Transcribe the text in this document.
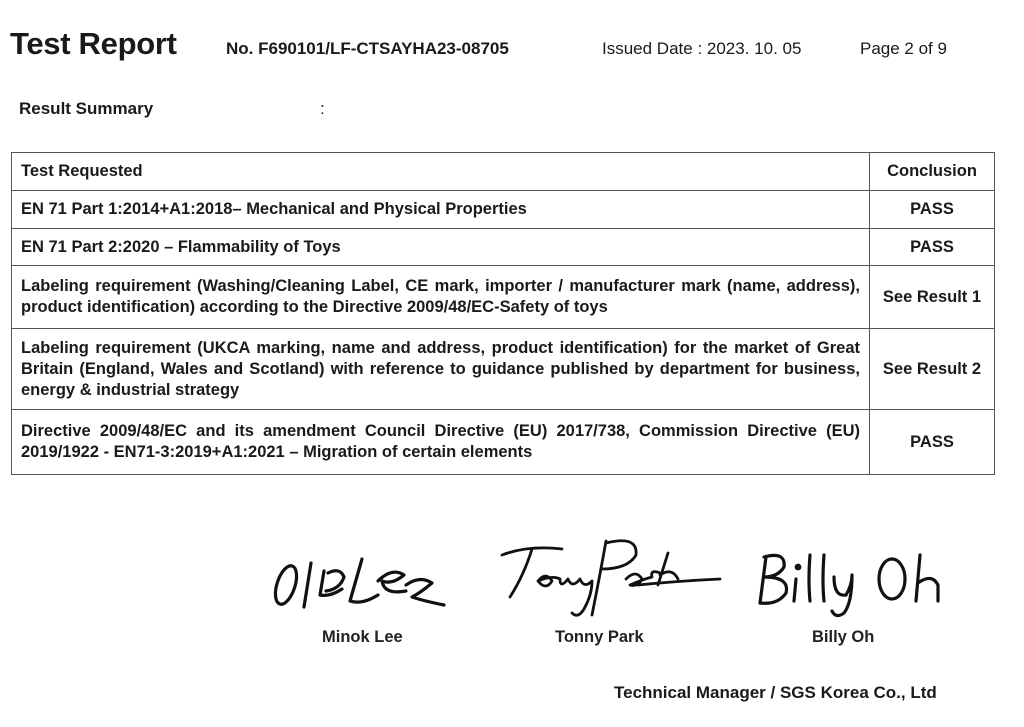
Test Report	No. F690101/LF-CTSAYHA23-08705	Issued Date : 2023. 10. 05	Page 2 of 9
Result Summary	:
Test Requested	Conclusion
EN 71 Part 1:2014+A1:2018– Mechanical and Physical Properties	PASS
EN 71 Part 2:2020 – Flammability of Toys	PASS
Labeling requirement (Washing/Cleaning Label, CE mark, importer / manufacturer mark (name, address), product identification) according to the Directive 2009/48/EC-Safety of toys	See Result 1
Labeling requirement (UKCA marking, name and address, product identification) for the market of Great Britain (England, Wales and Scotland) with reference to guidance published by department for business, energy & industrial strategy	See Result 2
Directive 2009/48/EC and its amendment Council Directive (EU) 2017/738, Commission Directive (EU) 2019/1922 - EN71-3:2019+A1:2021 – Migration of certain elements	PASS
Minok Lee	Tonny Park	Billy Oh
Technical Manager / SGS Korea Co., Ltd
